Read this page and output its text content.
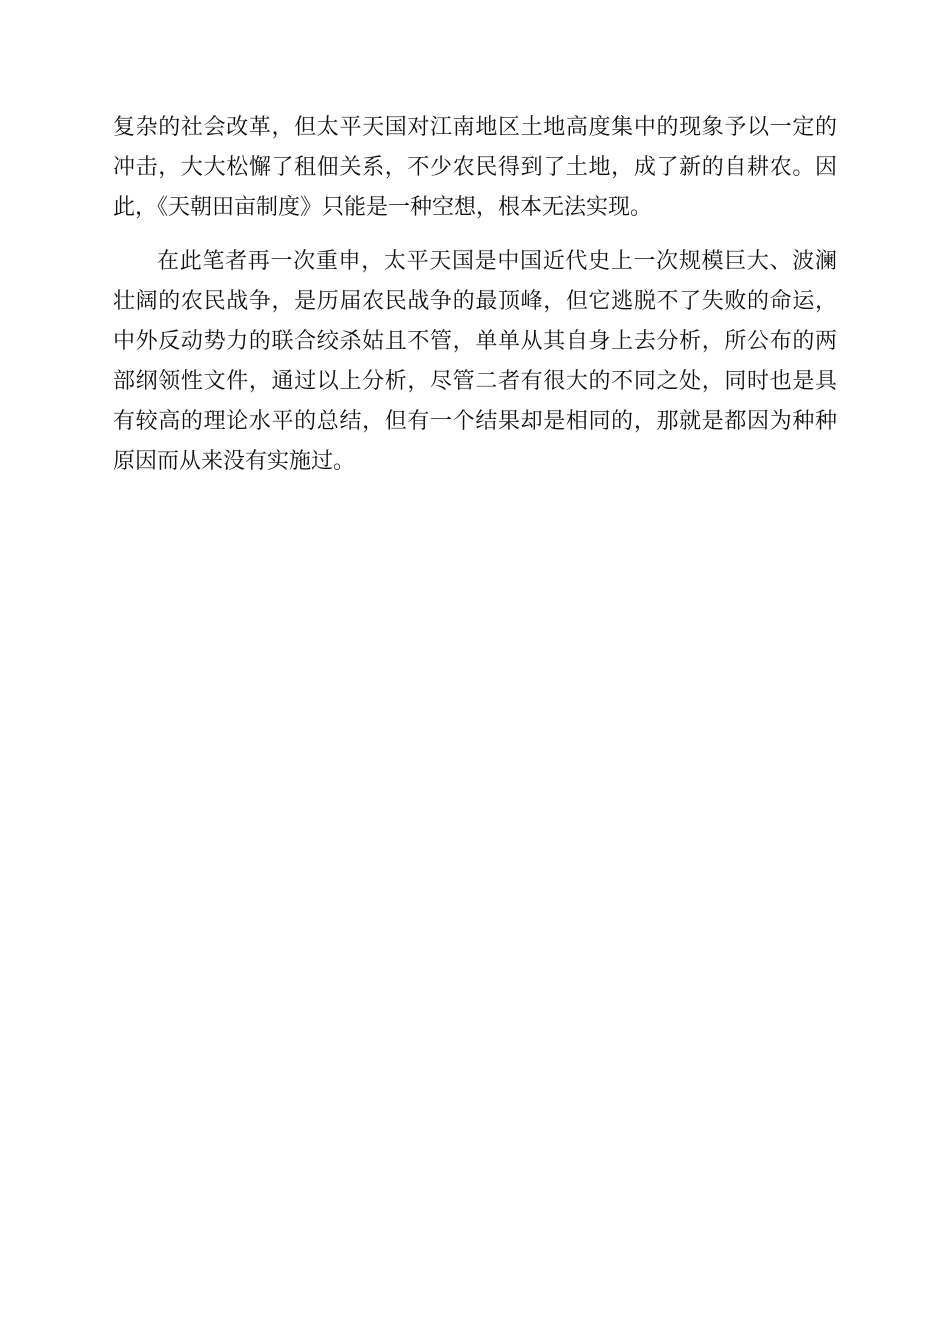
复杂的社会改革，但太平天国对江南地区土地高度集中的现象予以一定的冲击，大大松懈了租佃关系，不少农民得到了土地，成了新的自耕农。因此，《天朝田亩制度》只能是一种空想，根本无法实现。

在此笔者再一次重申，太平天国是中国近代史上一次规模巨大、波澜壮阔的农民战争，是历届农民战争的最顶峰，但它逃脱不了失败的命运，中外反动势力的联合绞杀姑且不管，单单从其自身上去分析，所公布的两部纲领性文件，通过以上分析，尽管二者有很大的不同之处，同时也是具有较高的理论水平的总结，但有一个结果却是相同的，那就是都因为种种原因而从来没有实施过。
